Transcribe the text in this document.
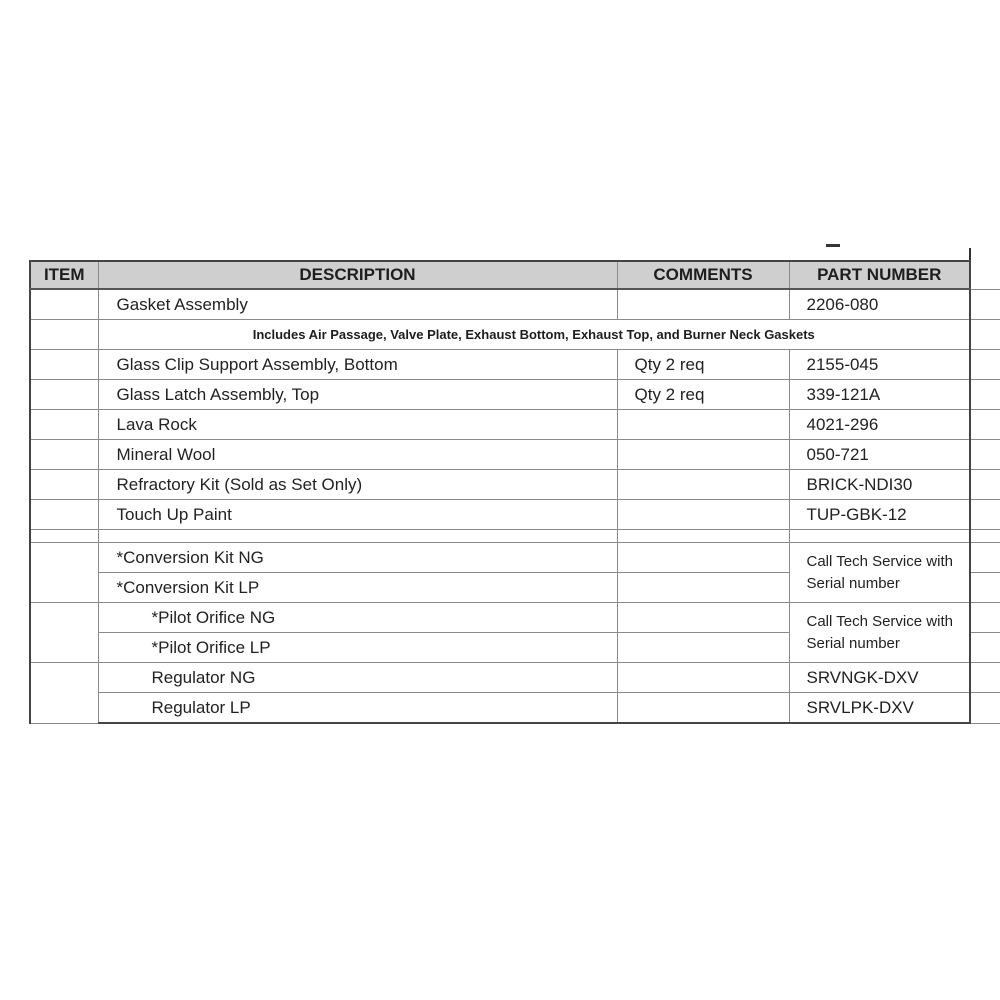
ITEM	DESCRIPTION	COMMENTS	PART NUMBER	
	Gasket Assembly		2206-080	
	Includes Air Passage, Valve Plate, Exhaust Bottom, Exhaust Top, and Burner Neck Gaskets			
	Glass Clip Support Assembly, Bottom	Qty 2 req	2155-045	
	Glass Latch Assembly, Top	Qty 2 req	339-121A	
	Lava Rock		4021-296	
	Mineral Wool		050-721	
	Refractory Kit (Sold as Set Only)		BRICK-NDI30	
	Touch Up Paint		TUP-GBK-12	

	*Conversion Kit NG		Call Tech Service with Serial number	
	*Conversion Kit LP			
	*Pilot Orifice NG		Call Tech Service with Serial number	
	*Pilot Orifice LP			
	Regulator NG		SRVNGK-DXV	
	Regulator LP		SRVLPK-DXV	
